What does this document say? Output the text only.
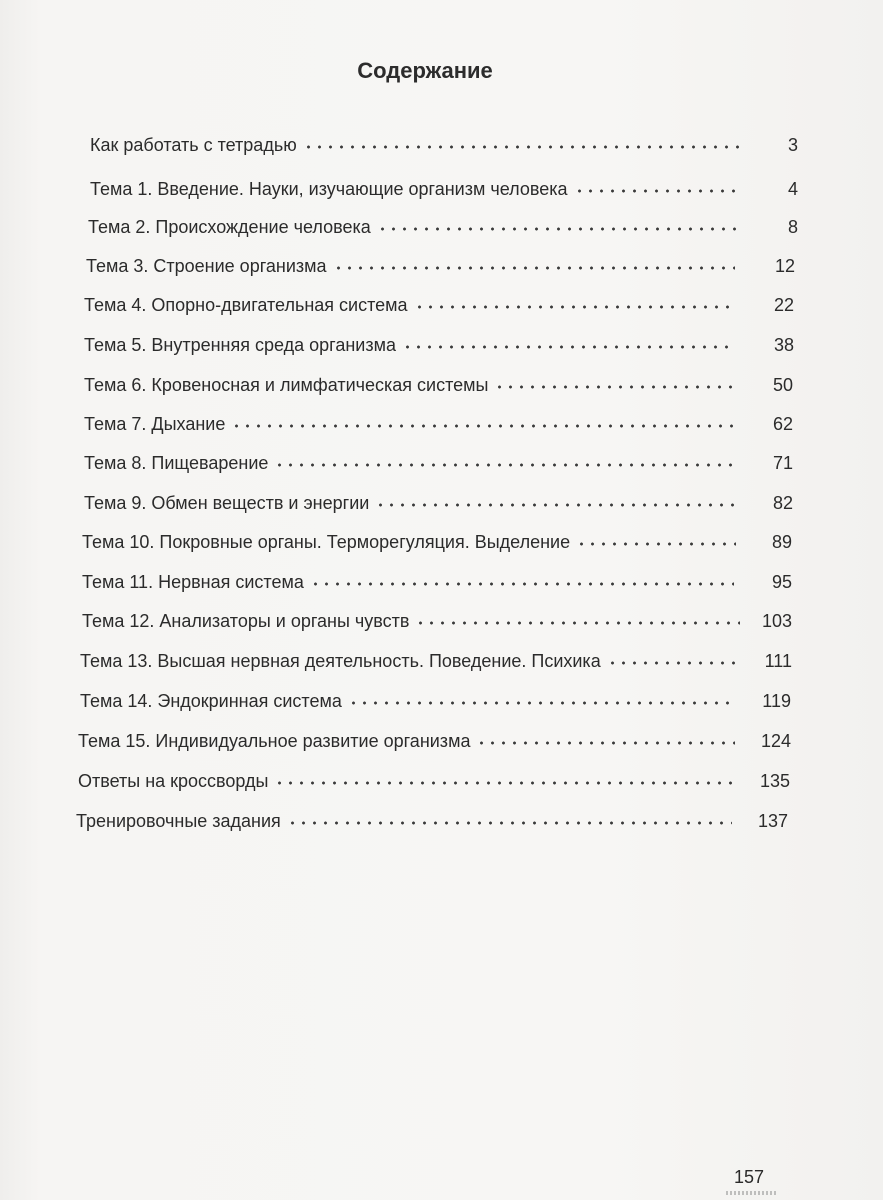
Содержание
Как работать с тетрадью	3
Тема 1. Введение. Науки, изучающие организм человека	4
Тема 2. Происхождение человека	8
Тема 3. Строение организма	12
Тема 4. Опорно-двигательная система	22
Тема 5. Внутренняя среда организма	38
Тема 6. Кровеносная и лимфатическая системы	50
Тема 7. Дыхание	62
Тема 8. Пищеварение	71
Тема 9. Обмен веществ и энергии	82
Тема 10. Покровные органы. Терморегуляция. Выделение	89
Тема 11. Нервная система	95
Тема 12. Анализаторы и органы чувств	103
Тема 13. Высшая нервная деятельность. Поведение. Психика	111
Тема 14. Эндокринная система	119
Тема 15. Индивидуальное развитие организма	124
Ответы на кроссворды	135
Тренировочные задания	137
157
